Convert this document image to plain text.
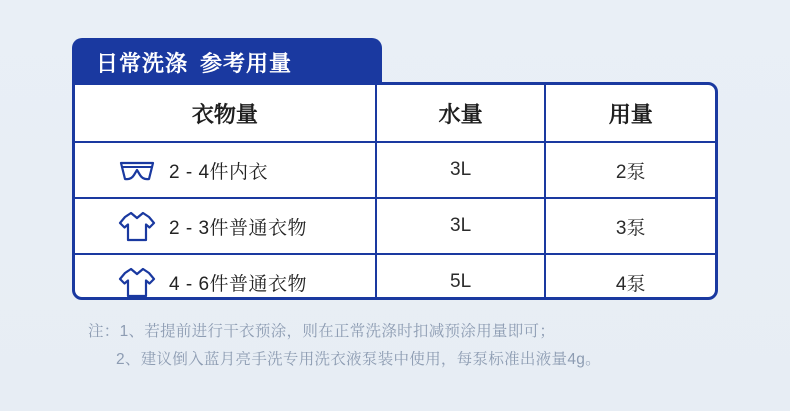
日常洗涤 参考用量
衣物量	水量	用量

2 - 4件内衣	3L	2泵

2 - 3件普通衣物	3L	3泵

4 - 6件普通衣物	5L	4泵
注：1、若提前进行干衣预涂，则在正常洗涤时扣减预涂用量即可；
2、建议倒入蓝月亮手洗专用洗衣液泵装中使用，每泵标准出液量4g。
